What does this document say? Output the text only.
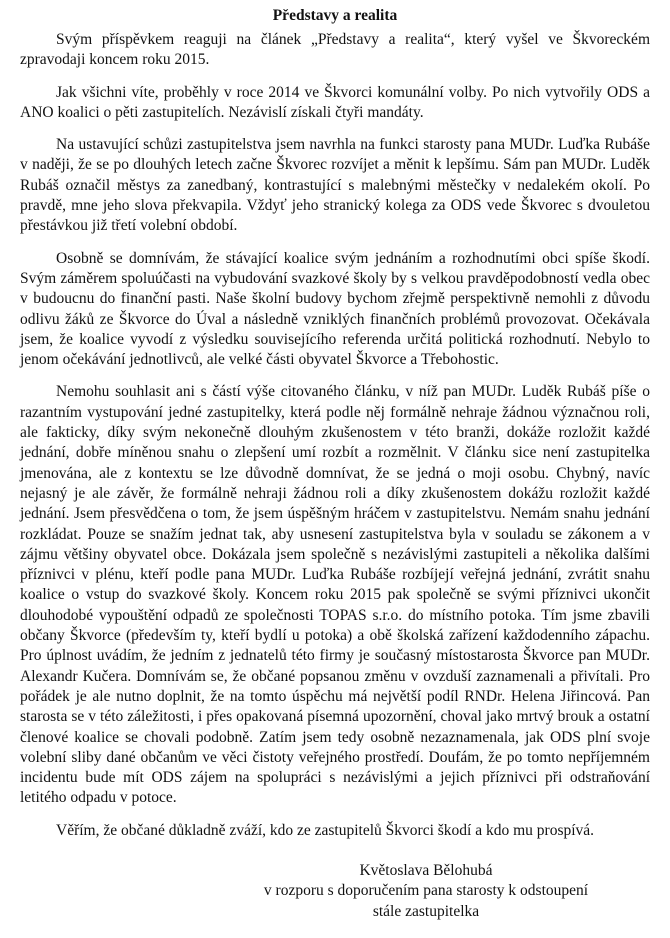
Představy a realita

Svým příspěvkem reaguji na článek „Představy a realita“, který vyšel ve Škvoreckém zpravodaji koncem roku 2015.

Jak všichni víte, proběhly v roce 2014 ve Škvorci komunální volby. Po nich vytvořily ODS a ANO koalici o pěti zastupitelích. Nezávislí získali čtyři mandáty.

Na ustavující schůzi zastupitelstva jsem navrhla na funkci starosty pana MUDr. Luďka Rubáše v naději, že se po dlouhých letech začne Škvorec rozvíjet a měnit k lepšímu. Sám pan MUDr. Luděk Rubáš označil městys za zanedbaný, kontrastující s malebnými městečky v nedalekém okolí. Po pravdě, mne jeho slova překvapila. Vždyť jeho stranický kolega za ODS vede Škvorec s dvouletou přestávkou již třetí volební období.

Osobně se domnívám, že stávající koalice svým jednáním a rozhodnutími obci spíše škodí. Svým záměrem spoluúčasti na vybudování svazkové školy by s velkou pravděpodobností vedla obec v budoucnu do finanční pasti. Naše školní budovy bychom zřejmě perspektivně nemohli z důvodu odlivu žáků ze Škvorce do Úval a následně vzniklých finančních problémů provozovat. Očekávala jsem, že koalice vyvodí z výsledku souvisejícího referenda určitá politická rozhodnutí. Nebylo to jenom očekávání jednotlivců, ale velké části obyvatel Škvorce a Třebohostic.

Nemohu souhlasit ani s částí výše citovaného článku, v níž pan MUDr. Luděk Rubáš píše o razantním vystupování jedné zastupitelky, která podle něj formálně nehraje žádnou význačnou roli, ale fakticky, díky svým nekonečně dlouhým zkušenostem v této branži, dokáže rozložit každé jednání, dobře míněnou snahu o zlepšení umí rozbít a rozmělnit. V článku sice není zastupitelka jmenována, ale z kontextu se lze důvodně domnívat, že se jedná o moji osobu. Chybný, navíc nejasný je ale závěr, že formálně nehraji žádnou roli a díky zkušenostem dokážu rozložit každé jednání. Jsem přesvědčena o tom, že jsem úspěšným hráčem v zastupitelstvu. Nemám snahu jednání rozkládat. Pouze se snažím jednat tak, aby usnesení zastupitelstva byla v souladu se zákonem a v zájmu většiny obyvatel obce. Dokázala jsem společně s nezávislými zastupiteli a několika dalšími příznivci v plénu, kteří podle pana MUDr. Luďka Rubáše rozbíjejí veřejná jednání, zvrátit snahu koalice o vstup do svazkové školy. Koncem roku 2015 pak společně se svými příznivci ukončit dlouhodobé vypouštění odpadů ze společnosti TOPAS s.r.o. do místního potoka. Tím jsme zbavili občany Škvorce (především ty, kteří bydlí u potoka) a obě školská zařízení každodenního zápachu. Pro úplnost uvádím, že jedním z jednatelů této firmy je současný místostarosta Škvorce pan MUDr. Alexandr Kučera. Domnívám se, že občané popsanou změnu v ovzduší zaznamenali a přivítali. Pro pořádek je ale nutno doplnit, že na tomto úspěchu má největší podíl RNDr. Helena Jiřincová. Pan starosta se v této záležitosti, i přes opakovaná písemná upozornění, choval jako mrtvý brouk a ostatní členové koalice se chovali podobně. Zatím jsem tedy osobně nezaznamenala, jak ODS plní svoje volební sliby dané občanům ve věci čistoty veřejného prostředí. Doufám, že po tomto nepříjemném incidentu bude mít ODS zájem na spolupráci s nezávislými a jejich příznivci při odstraňování letitého odpadu v potoce.

Věřím, že občané důkladně zváží, kdo ze zastupitelů Škvorci škodí a kdo mu prospívá.

Květoslava Bělohubá
v rozporu s doporučením pana starosty k odstoupení
stále zastupitelka
